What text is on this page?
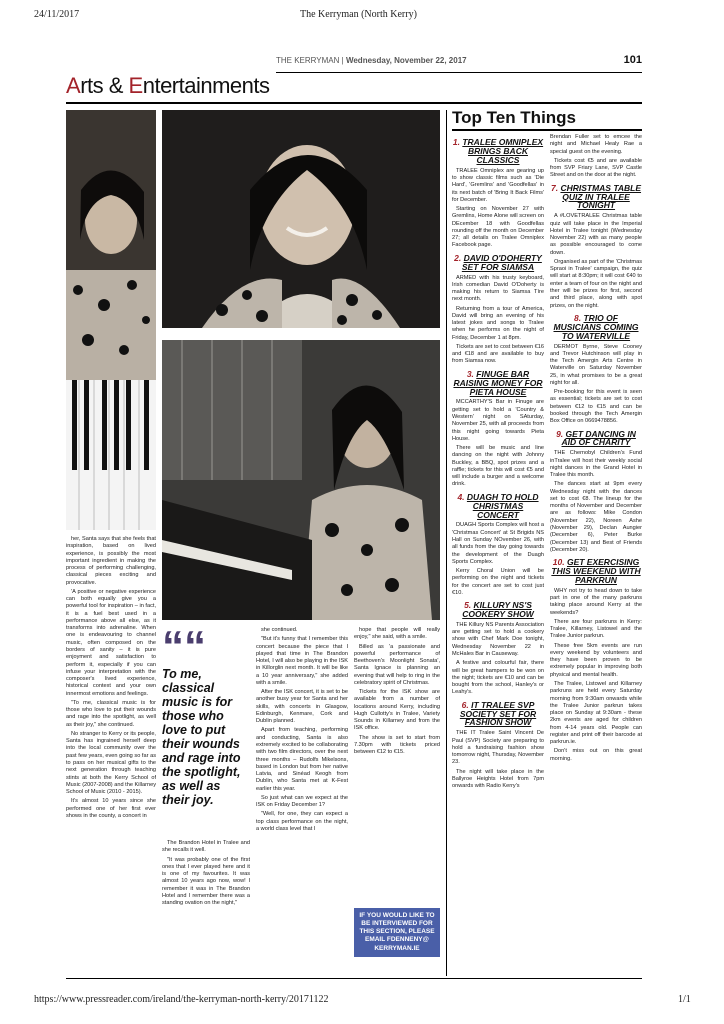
24/11/2017	The Kerryman (North Kerry)
https://www.pressreader.com/ireland/the-kerryman-north-kerry/20171122	1/1
THE KERRYMAN | Wednesday, November 22, 2017	101
Arts & Entertainments

her, Santa says that she feels that inspiration, based on lived experience, is possibly the most important ingredient in making the process of performing challenging, classical pieces exciting and provocative.

'A positive or negative experience can both equally give you a powerful tool for inspiration – in fact, it is a fuel best used in a performance above all else, as it transforms into adrenaline. When one is endeavouring to channel music, often composed on the borders of sanity – it is pure enjoyment and satisfaction to perform it, especially if you can infuse your interpretation with the composer's lived experience, historical context and your own innermost emotions and feelings.

"To me, classical music is for those who love to put their wounds and rage into the spotlight, as well as their joy," she continued.

No stranger to Kerry or its people, Santa has ingrained herself deep into the local community over the past few years, even going so far as to pass on her musical gifts to the next generation through teaching stints at both the Kerry School of Music (2007-2008) and the Killarney School of Music (2010 - 2015).

It's almost 10 years since she performed one of her first ever shows in the county, a concert in

““
To me, classical music is for those who love to put their wounds and rage into the spotlight, as well as their joy.

The Brandon Hotel in Tralee and she recalls it well.

"It was probably one of the first ones that I ever played here and it is one of my favourites. It was almost 10 years ago now, wow! I remember it was in The Brandon Hotel and I remember there was a standing ovation on the night,"

she continued.

"But it's funny that I remember this concert because the piece that I played that time in The Brandon Hotel, I will also be playing in the ISK in Killorglin next month. It will be like a 10 year anniversary," she added with a smile.

After the ISK concert, it is set to be another busy year for Santa and her skills, with concerts in Glasgow, Edinburgh, Kenmare, Cork and Dublin planned.

Apart from teaching, performing and conducting, Santa is also extremely excited to be collaborating with two film directors, over the next three months – Rudolfs Mikelsons, based in London but from her native Latvia, and Sinéad Keogh from Dublin, who Santa met at K-Fest earlier this year.

So just what can we expect at the ISK on Friday December 1?

"Well, for one, they can expect a top class performance on the night, a world class level that I

hope that people will really enjoy," she said, with a smile.

Billed as 'a passionate and powerful performance of Beethoven's Moonlight Sonata', Santa Ignace is planning an evening that will help to ring in the celebratory spirit of Christmas.

Tickets for the ISK show are available from a number of locations around Kerry, including Hugh Cullotty's in Tralee, Variety Sounds in Killarney and from the ISK office.

The show is set to start from 7.30pm with tickets priced between €12 to €15.

IF YOU WOULD LIKE TO BE INTERVIEWED FOR THIS SECTION, PLEASE EMAIL FDENNENY@ KERRYMAN.IE
Top Ten Things
1. TRALEE OMNIPLEX BRINGS BACK CLASSICS

TRALEE Omniplex are gearing up to show classic films such as 'Die Hard', 'Gremlins' and 'Goodfellas' in its next batch of 'Bring It Back Films' for December.

Starting on November 27 with Gremlins, Home Alone will screen on DEcember 18 with Goodfellas rounding off the month on December 27; all details on Tralee Omniplex Facebook page.

2. DAVID O'DOHERTY SET FOR SIAMSA

ARMED with his trusty keyboard, Irish comedian David O'Doherty is making his return to Siamsa Tíre next month.

Returning from a tour of America, David will bring an evening of his latest jokes and songs to Tralee when he performs on the night of Friday, December 1 at 8pm.

Tickets are set to cost between €16 and €18 and are available to buy from Siamsa now.

3. FINUGE BAR RAISING MONEY FOR PIETA HOUSE

MCCARTHY'S Bar in Finuge are getting set to hold a 'Country & Western' night on SAturday, November 25, with all proceeds from this night going towards Pieta House.

There will be music and line dancing on the night with Johnny Buckley, a BBQ, spot prizes and a raffle; tickets for this will cost €5 and will include a burger and a welcome drink.

4. DUAGH TO HOLD CHRISTMAS CONCERT

DUAGH Sports Complex will host a 'Christmas Concert' at St Brigids NS Hall on Sunday NOvember 26, with all funds from the day going towards the development of the Duagh Sports Complex.

Kerry Choral Union will be performing on the night and tickets for the concert are set to cost just €10.

5. KILLURY NS'S COOKERY SHOW

THE Killury NS Parents Association are getting set to hold a cookery show with Chef Mark Doe tonight, Wednesday November 22 in McHales Bar in Causeway.

A festive and colourful fair, there will be great hampers to be won on the night; tickets are €10 and can be bought from the school, Hanley's or Leahy's.

6. IT TRALEE SVP SOCIETY SET FOR FASHION SHOW

THE IT Tralee Saint Vincent De Paul (SVP) Society are preparing to hold a fundraising fashion show tomorrow night, Thursday, November 23.

The night will take place in the Ballyroe Heights Hotel from 7pm onwards with Radio Kerry's

Brendan Fuller set to emcee the night and Michael Healy Rae a special guest on the evening.

Tickets cost €5 and are available from SVP Friary Lane, SVP Castle Street and on the door at the night.

7. CHRISTMAS TABLE QUIZ IN TRALEE TONIGHT

A #LOVETRALEE Christmas table quiz will take place in the Imperial Hotel in Tralee tonight (Wednesday November 22) with as many people as possible encouraged to come down.

Organised as part of the 'Christmas Spraoi in Tralee' campaign, the quiz will start at 8:30pm; it will cost €40 to enter a team of four on the night and ther will be prizes for first, second and third place, along with spot prizes, on the night.

8. TRIO OF MUSICIANS COMING TO WATERVILLE

DERMOT Byrne, Steve Cooney and Trevor Hutchinson will play in the Tech Amergin Arts Centre in Waterville on Saturday November 25, in what promises to be a great night for all.

Pre-booking for this event is seen as essential; tickets are set to cost between €12 to €15 and can be booked through the Tech Amergin Box Office on 0669478856.

9. GET DANCING IN AID OF CHARITY

THE Chernobyl Children's Fund inTralee will host their weekly social night dances in the Grand Hotel in Tralee this month.

The dances start at 9pm every Wednesday night with the dances set to cost €8. The lineup for the months of November and December are as follows: Mike Condon (November 22), Noreen Ashe (November 29), Declan Aungier (December 6), Peter Burke (December 13) and Best of Friends (December 20).

10. GET EXERCISING THIS WEEKEND WITH PARKRUN

WHY not try to head down to take part in one of the many parkruns taking place around Kerry at the weekends?

There are four parkruns in Kerry: Tralee, Killarney, Listowel and the Tralee Junior parkrun.

These free 5km events are run every weekend by volunteers and they have been proven to be extremely popular in improving both physical and mental health.

The Tralee, Listowel and Killarney parkruns are held every Saturday morning from 9:30am onwards while the Tralee Junior parkrun takes place on Sunday at 9:30am - these 2km events are aged for children from 4-14 years old. People can register and print off their barcode at parkrun.ie.

Don't miss out on this great morning.
